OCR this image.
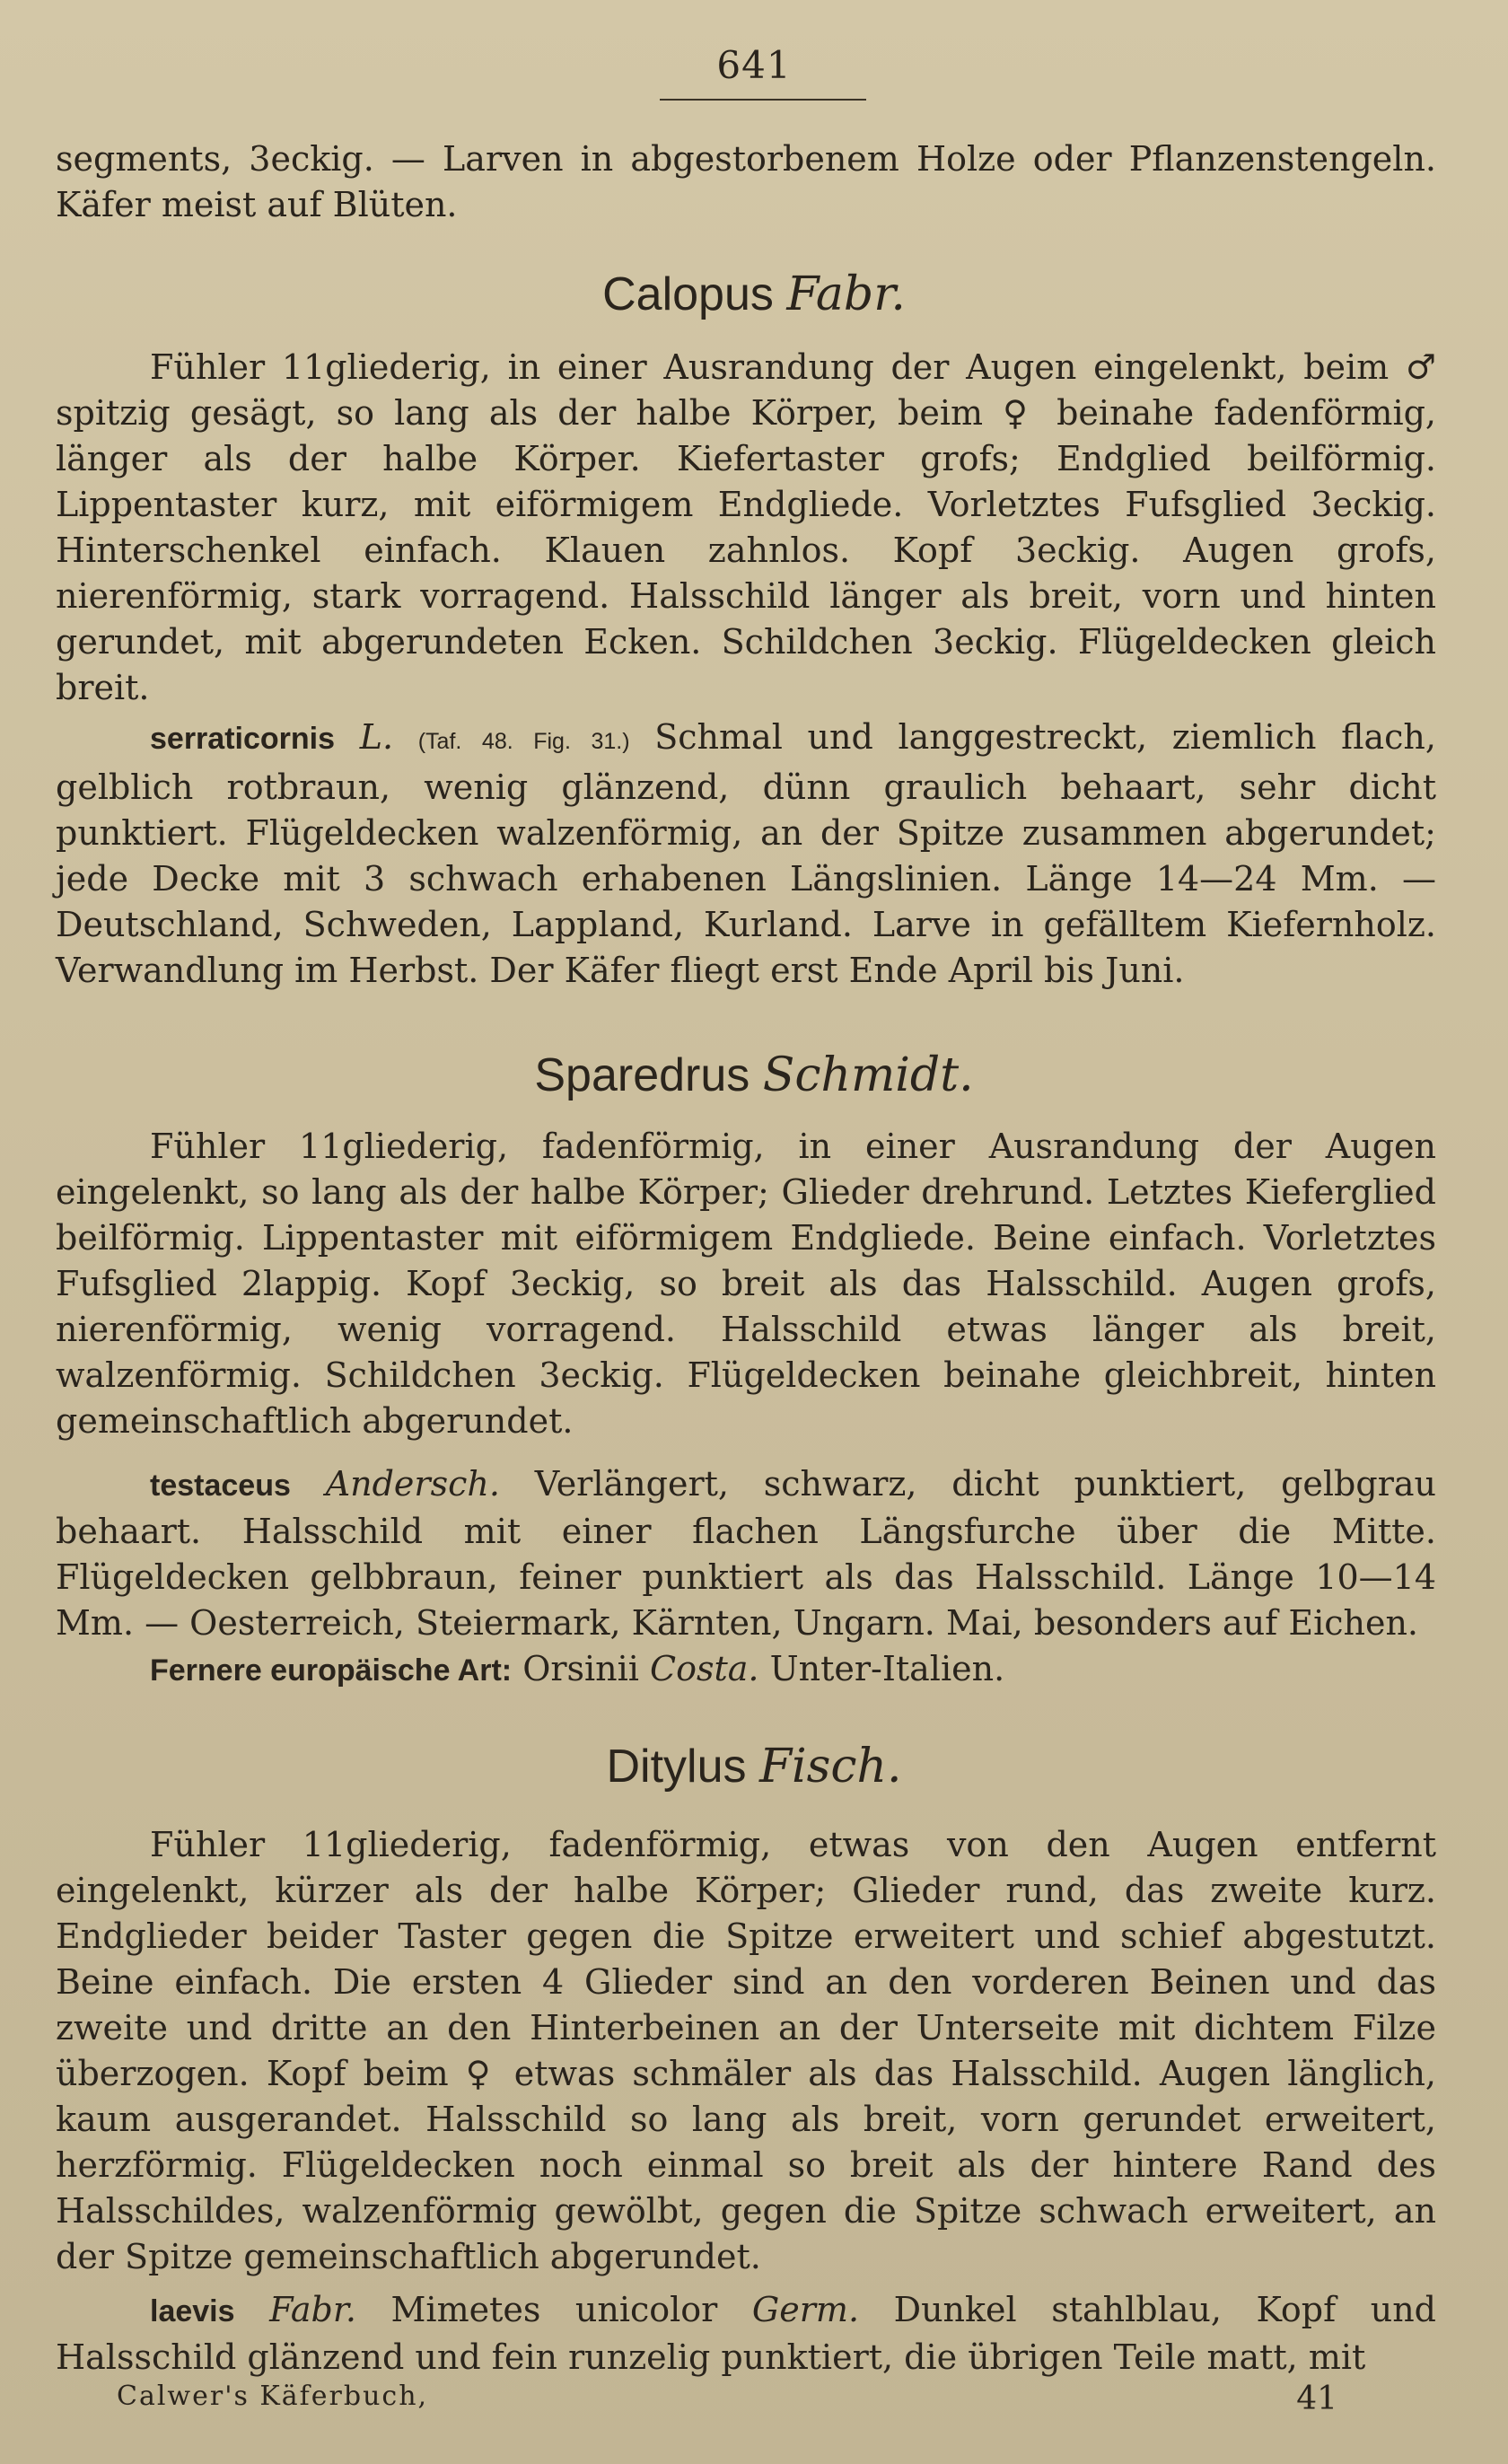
641

segments, 3eckig. — Larven in abgestorbenem Holze oder Pflanzenstengeln. Käfer meist auf Blüten.

Calopus Fabr.

Fühler 11gliederig, in einer Ausrandung der Augen eingelenkt, beim ♂ spitzig gesägt, so lang als der halbe Körper, beim ♀ beinahe fadenförmig, länger als der halbe Körper. Kiefertaster grofs; Endglied beilförmig. Lippentaster kurz, mit eiförmigem Endgliede. Vorletztes Fufsglied 3eckig. Hinterschenkel einfach. Klauen zahnlos. Kopf 3eckig. Augen grofs, nierenförmig, stark vorragend. Halsschild länger als breit, vorn und hinten gerundet, mit abgerundeten Ecken. Schildchen 3eckig. Flügeldecken gleich breit.

serraticornis L. (Taf. 48. Fig. 31.) Schmal und langgestreckt, ziemlich flach, gelblich rotbraun, wenig glänzend, dünn graulich behaart, sehr dicht punktiert. Flügeldecken walzenförmig, an der Spitze zusammen abgerundet; jede Decke mit 3 schwach erhabenen Längslinien. Länge 14—24 Mm. — Deutschland, Schweden, Lappland, Kurland. Larve in gefälltem Kiefernholz. Verwandlung im Herbst. Der Käfer fliegt erst Ende April bis Juni.

Sparedrus Schmidt.

Fühler 11gliederig, fadenförmig, in einer Ausrandung der Augen eingelenkt, so lang als der halbe Körper; Glieder drehrund. Letztes Kieferglied beilförmig. Lippentaster mit eiförmigem Endgliede. Beine einfach. Vorletztes Fufsglied 2lappig. Kopf 3eckig, so breit als das Halsschild. Augen grofs, nierenförmig, wenig vorragend. Halsschild etwas länger als breit, walzenförmig. Schildchen 3eckig. Flügeldecken beinahe gleichbreit, hinten gemeinschaftlich abgerundet.

testaceus Andersch. Verlängert, schwarz, dicht punktiert, gelbgrau behaart. Halsschild mit einer flachen Längsfurche über die Mitte. Flügeldecken gelbbraun, feiner punktiert als das Halsschild. Länge 10—14 Mm. — Oesterreich, Steiermark, Kärnten, Ungarn. Mai, besonders auf Eichen.

Fernere europäische Art: Orsinii Costa. Unter-Italien.

Ditylus Fisch.

Fühler 11gliederig, fadenförmig, etwas von den Augen entfernt eingelenkt, kürzer als der halbe Körper; Glieder rund, das zweite kurz. Endglieder beider Taster gegen die Spitze erweitert und schief abgestutzt. Beine einfach. Die ersten 4 Glieder sind an den vorderen Beinen und das zweite und dritte an den Hinterbeinen an der Unterseite mit dichtem Filze überzogen. Kopf beim ♀ etwas schmäler als das Halsschild. Augen länglich, kaum ausgerandet. Halsschild so lang als breit, vorn gerundet erweitert, herzförmig. Flügeldecken noch einmal so breit als der hintere Rand des Halsschildes, walzenförmig gewölbt, gegen die Spitze schwach erweitert, an der Spitze gemeinschaftlich abgerundet.

laevis Fabr. Mimetes unicolor Germ. Dunkel stahlblau, Kopf und Halsschild glänzend und fein runzelig punktiert, die übrigen Teile matt, mit

Calwer's Käferbuch,	41
